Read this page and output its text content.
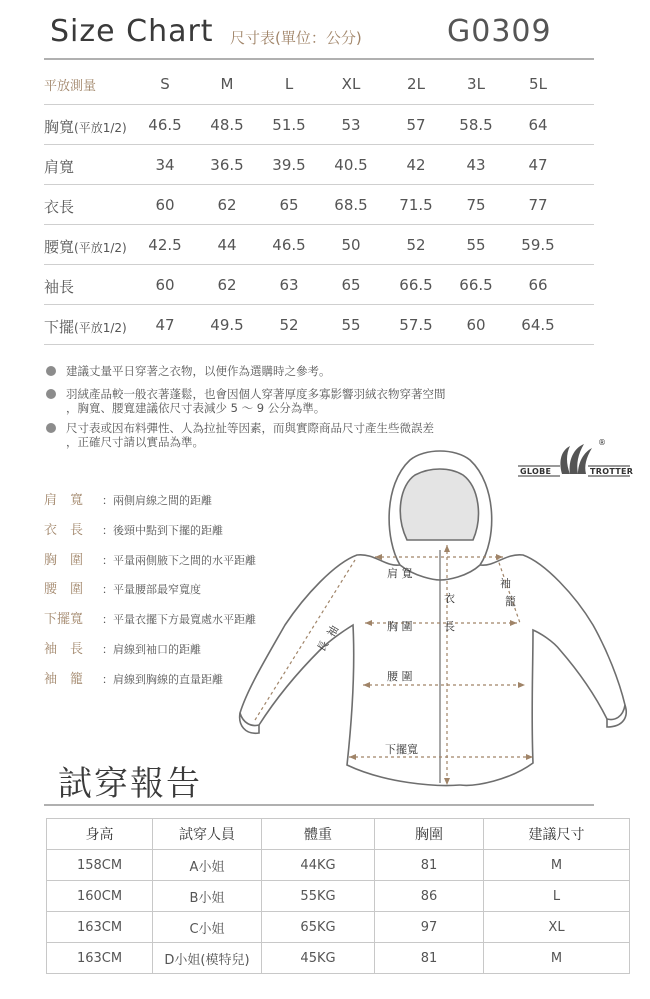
Size Chart 尺寸表(單位：公分)	G0309
平放測量	S	M	L	XL	2L	3L	5L
胸寬(平放1/2) 46.5 48.5 51.5	53	57	58.5	64
肩寬	34	36.5 39.5 40.5	42	43	47
衣長	60	62	65	68.5 71.5	75	77
腰寬(平放1/2) 42.5	44	46.5	50	52	55	59.5
袖長	60	62	63	65	66.5 66.5	66
下擺(平放1/2)	47	49.5	52	55	57.5	60	64.5
建議丈量平日穿著之衣物，以便作為選購時之參考。
羽絨產品較一般衣著蓬鬆，也會因個人穿著厚度多寡影響羽絨衣物穿著空間
，胸寬、腰寬建議依尺寸表減少 5 ～ 9 公分為準。
尺寸表或因布料彈性、人為拉扯等因素，而與實際商品尺寸產生些微誤差
，正確尺寸請以實品為準。
GLOBE	TROTTER
®
肩　寬 ：兩側肩線之間的距離
衣　長 ：後頸中點到下擺的距離
胸　圍 ：平量兩側腋下之間的水平距離
腰　圍 ：平量腰部最窄寬度
下擺寬 ：平量衣擺下方最寬處水平距離
袖　長 ：肩線到袖口的距離
袖　籠 ：肩線到胸線的直量距離
肩 寬
胸 圍
腰 圍
下擺寬
衣
長
袖
長
袖
籠
試穿報告
身高	試穿人員	體重	胸圍	建議尺寸
158CM	A小姐	44KG	81	M
160CM	B小姐	55KG	86	L
163CM	C小姐	65KG	97	XL
163CM	D小姐(模特兒)	45KG	81	M
